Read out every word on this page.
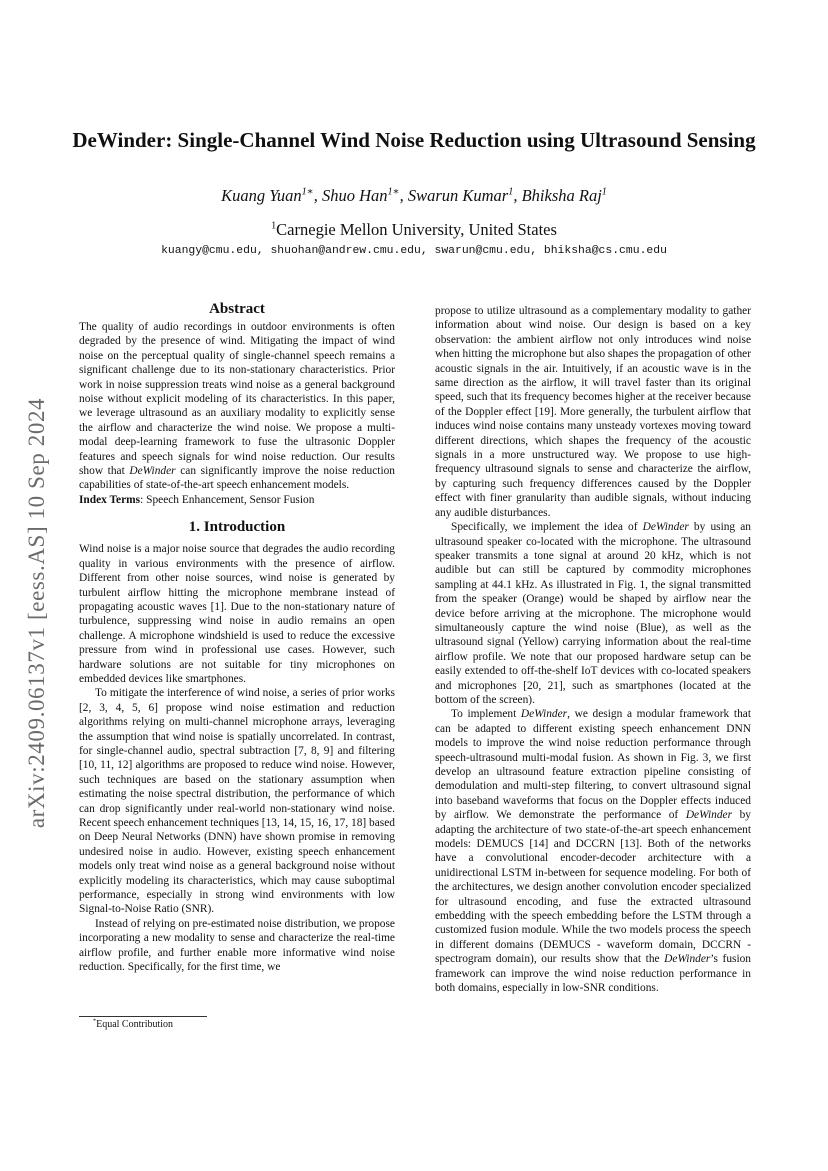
arXiv:2409.06137v1 [eess.AS] 10 Sep 2024
DeWinder: Single-Channel Wind Noise Reduction using Ultrasound Sensing
Kuang Yuan$^{1∗}$, Shuo Han$^{1∗}$, Swarun Kumar$^1$, Bhiksha Raj$^1$
$^1$Carnegie Mellon University, United States
kuangy@cmu.edu, shuohan@andrew.cmu.edu, swarun@cmu.edu, bhiksha@cs.cmu.edu
Abstract

The quality of audio recordings in outdoor environments is often degraded by the presence of wind. Mitigating the impact of wind noise on the perceptual quality of single-channel speech remains a significant challenge due to its non-stationary characteristics. Prior work in noise suppression treats wind noise as a general background noise without explicit modeling of its characteristics. In this paper, we leverage ultrasound as an auxiliary modality to explicitly sense the airflow and characterize the wind noise. We propose a multi-modal deep-learning framework to fuse the ultrasonic Doppler features and speech signals for wind noise reduction. Our results show that DeWinder can significantly improve the noise reduction capabilities of state-of-the-art speech enhancement models.

Index Terms: Speech Enhancement, Sensor Fusion

1. Introduction

Wind noise is a major noise source that degrades the audio recording quality in various environments with the presence of airflow. Different from other noise sources, wind noise is generated by turbulent airflow hitting the microphone membrane instead of propagating acoustic waves [1]. Due to the non-stationary nature of turbulence, suppressing wind noise in audio remains an open challenge. A microphone windshield is used to reduce the excessive pressure from wind in professional use cases. However, such hardware solutions are not suitable for tiny microphones on embedded devices like smartphones.

To mitigate the interference of wind noise, a series of prior works [2, 3, 4, 5, 6] propose wind noise estimation and reduction algorithms relying on multi-channel microphone arrays, leveraging the assumption that wind noise is spatially uncorrelated. In contrast, for single-channel audio, spectral subtraction [7, 8, 9] and filtering [10, 11, 12] algorithms are proposed to reduce wind noise. However, such techniques are based on the stationary assumption when estimating the noise spectral distribution, the performance of which can drop significantly under real-world non-stationary wind noise. Recent speech enhancement techniques [13, 14, 15, 16, 17, 18] based on Deep Neural Networks (DNN) have shown promise in removing undesired noise in audio. However, existing speech enhancement models only treat wind noise as a general background noise without explicitly modeling its characteristics, which may cause suboptimal performance, especially in strong wind environments with low Signal-to-Noise Ratio (SNR).

Instead of relying on pre-estimated noise distribution, we propose incorporating a new modality to sense and characterize the real-time airflow profile, and further enable more informative wind noise reduction. Specifically, for the first time, we

*Equal Contribution

propose to utilize ultrasound as a complementary modality to gather information about wind noise. Our design is based on a key observation: the ambient airflow not only introduces wind noise when hitting the microphone but also shapes the propagation of other acoustic signals in the air. Intuitively, if an acoustic wave is in the same direction as the airflow, it will travel faster than its original speed, such that its frequency becomes higher at the receiver because of the Doppler effect [19]. More generally, the turbulent airflow that induces wind noise contains many unsteady vortexes moving toward different directions, which shapes the frequency of the acoustic signals in a more unstructured way. We propose to use high-frequency ultrasound signals to sense and characterize the airflow, by capturing such frequency differences caused by the Doppler effect with finer granularity than audible signals, without inducing any audible disturbances.

Specifically, we implement the idea of DeWinder by using an ultrasound speaker co-located with the microphone. The ultrasound speaker transmits a tone signal at around 20 kHz, which is not audible but can still be captured by commodity microphones sampling at 44.1 kHz. As illustrated in Fig. 1, the signal transmitted from the speaker (Orange) would be shaped by airflow near the device before arriving at the microphone. The microphone would simultaneously capture the wind noise (Blue), as well as the ultrasound signal (Yellow) carrying information about the real-time airflow profile. We note that our proposed hardware setup can be easily extended to off-the-shelf IoT devices with co-located speakers and microphones [20, 21], such as smartphones (located at the bottom of the screen).

To implement DeWinder, we design a modular framework that can be adapted to different existing speech enhancement DNN models to improve the wind noise reduction performance through speech-ultrasound multi-modal fusion. As shown in Fig. 3, we first develop an ultrasound feature extraction pipeline consisting of demodulation and multi-step filtering, to convert ultrasound signal into baseband waveforms that focus on the Doppler effects induced by airflow. We demonstrate the performance of DeWinder by adapting the architecture of two state-of-the-art speech enhancement models: DEMUCS [14] and DCCRN [13]. Both of the networks have a convolutional encoder-decoder architecture with a unidirectional LSTM in-between for sequence modeling. For both of the architectures, we design another convolution encoder specialized for ultrasound encoding, and fuse the extracted ultrasound embedding with the speech embedding before the LSTM through a customized fusion module. While the two models process the speech in different domains (DEMUCS - waveform domain, DCCRN - spectrogram domain), our results show that the DeWinder’s fusion framework can improve the wind noise reduction performance in both domains, especially in low-SNR conditions.
